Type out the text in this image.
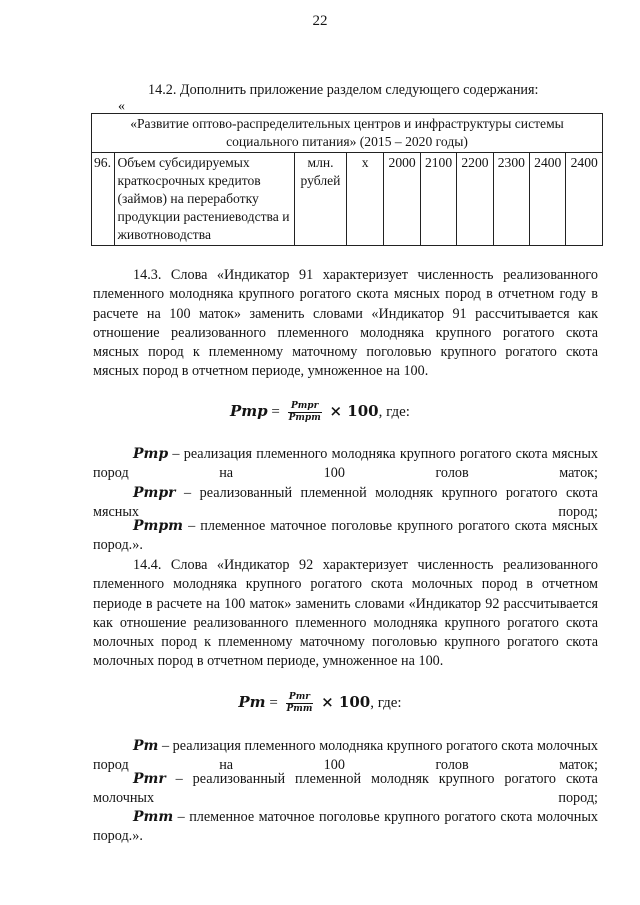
22
14.2. Дополнить приложение разделом следующего содержания:
«
«Развитие оптово-распределительных центров и инфраструктуры системы социального питания» (2015 – 2020 годы)
96.	Объем субсидируемых краткосрочных кредитов (займов) на переработку продукции растениеводства и животноводства	млн. рублей	х	2000	2100	2200	2300	2400	2400

14.3. Слова «Индикатор 91 характеризует численность реализованного племенного молодняка крупного рогатого скота мясных пород в отчетном году в расчете на 100 маток» заменить словами «Индикатор 91 рассчитывается как отношение реализованного племенного молодняка крупного рогатого скота мясных пород к племенному маточному поголовью крупного рогатого скота мясных пород в отчетном периоде, умноженное на 100.

Pmp = $\frac{\text{Pmpr}}{\text{Pmpm}} \times 100$, где:

Pmp – реализация племенного молодняка крупного рогатого скота мясных пород на 100 голов маток;

Pmpr – реализованный племенной молодняк крупного рогатого скота мясных пород;

Pmpm – племенное маточное поголовье крупного рогатого скота мясных пород.».

14.4. Слова «Индикатор 92 характеризует численность реализованного племенного молодняка крупного рогатого скота молочных пород в отчетном периоде в расчете на 100 маток» заменить словами «Индикатор 92 рассчитывается как отношение реализованного племенного молодняка крупного рогатого скота молочных пород к племенному маточному поголовью крупного рогатого скота молочных пород в отчетном периоде, умноженное на 100.

$Pm = \frac{\text{Pmr}}{\text{Pmm}} \times 100$, где:

Pm – реализация племенного молодняка крупного рогатого скота молочных пород на 100 голов маток;

Pmr – реализованный племенной молодняк крупного рогатого скота молочных пород;

Pmm – племенное маточное поголовье крупного рогатого скота молочных пород.».
